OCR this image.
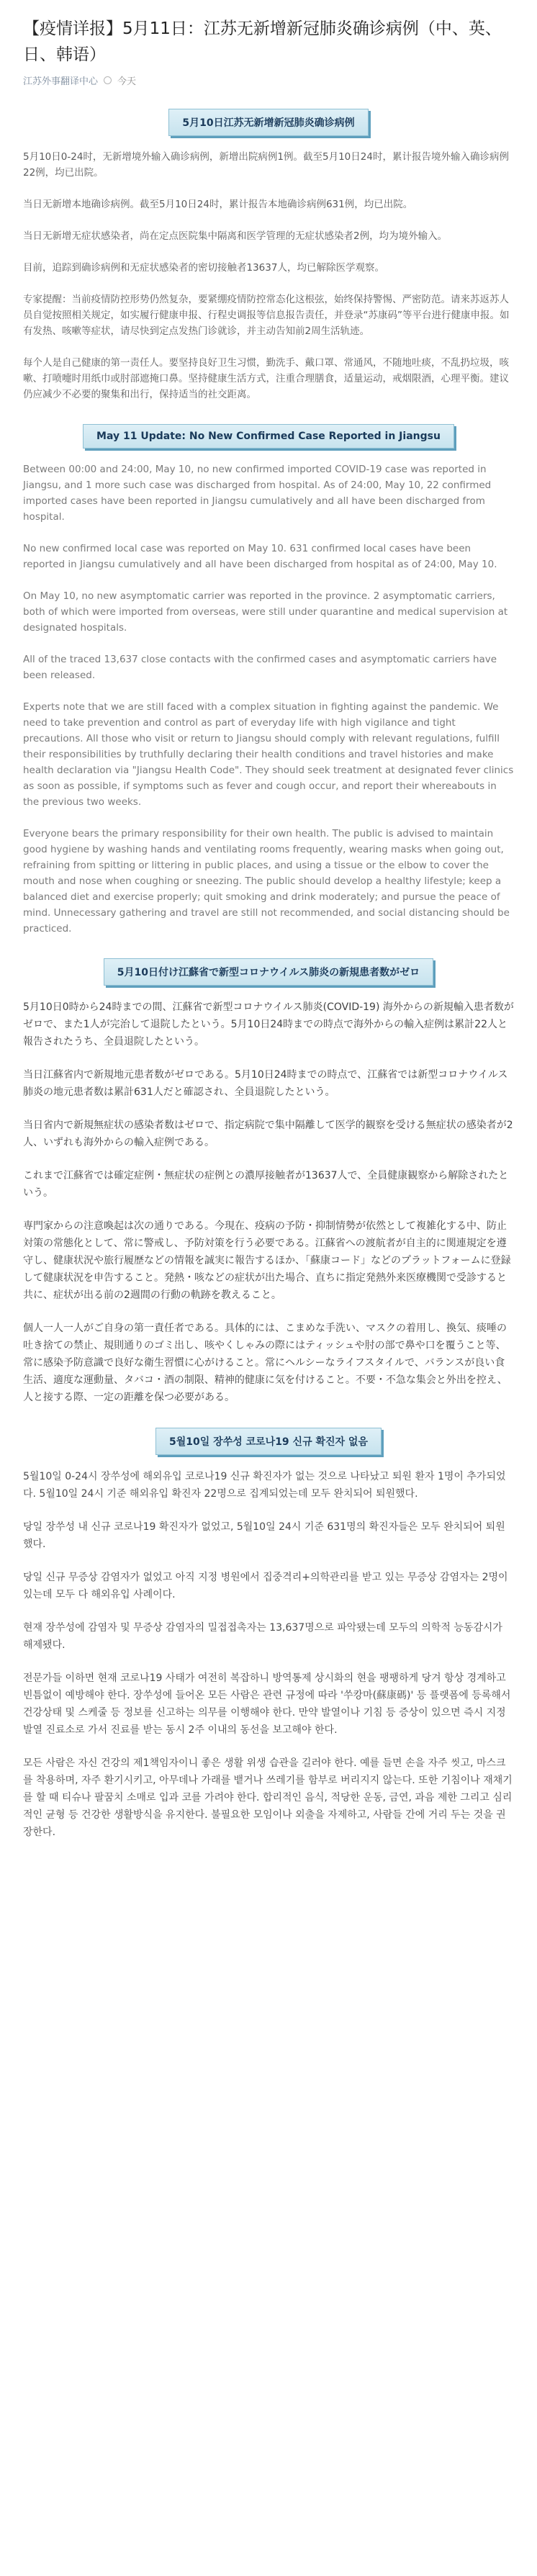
【疫情详报】5月11日：江苏无新增新冠肺炎确诊病例（中、英、日、韩语）
江苏外事翻译中心 今天
5月10日江苏无新增新冠肺炎确诊病例

5月10日0-24时，无新增境外输入确诊病例，新增出院病例1例。截至5月10日24时，累计报告境外输入确诊病例22例，均已出院。

当日无新增本地确诊病例。截至5月10日24时，累计报告本地确诊病例631例，均已出院。

当日无新增无症状感染者，尚在定点医院集中隔离和医学管理的无症状感染者2例，均为境外输入。

目前，追踪到确诊病例和无症状感染者的密切接触者13637人，均已解除医学观察。

专家提醒：当前疫情防控形势仍然复杂，要紧绷疫情防控常态化这根弦，始终保持警惕、严密防范。请来苏返苏人员自觉按照相关规定，如实履行健康申报、行程史调报等信息报告责任，并登录“苏康码”等平台进行健康申报。如有发热、咳嗽等症状，请尽快到定点发热门诊就诊，并主动告知前2周生活轨迹。

每个人是自己健康的第一责任人。要坚持良好卫生习惯，勤洗手、戴口罩、常通风，不随地吐痰，不乱扔垃圾，咳嗽、打喷嚏时用纸巾或肘部遮掩口鼻。坚持健康生活方式，注重合理膳食，适量运动，戒烟限酒，心理平衡。建议仍应减少不必要的聚集和出行，保持适当的社交距离。

May 11 Update: No New Confirmed Case Reported in Jiangsu

Between 00:00 and 24:00, May 10, no new confirmed imported COVID-19 case was reported in Jiangsu, and 1 more such case was discharged from hospital. As of 24:00, May 10, 22 confirmed imported cases have been reported in Jiangsu cumulatively and all have been discharged from hospital.

No new confirmed local case was reported on May 10. 631 confirmed local cases have been reported in Jiangsu cumulatively and all have been discharged from hospital as of 24:00, May 10.

On May 10, no new asymptomatic carrier was reported in the province. 2 asymptomatic carriers, both of which were imported from overseas, were still under quarantine and medical supervision at designated hospitals.

All of the traced 13,637 close contacts with the confirmed cases and asymptomatic carriers have been released.

Experts note that we are still faced with a complex situation in fighting against the pandemic. We need to take prevention and control as part of everyday life with high vigilance and tight precautions. All those who visit or return to Jiangsu should comply with relevant regulations, fulfill their responsibilities by truthfully declaring their health conditions and travel histories and make health declaration via "Jiangsu Health Code". They should seek treatment at designated fever clinics as soon as possible, if symptoms such as fever and cough occur, and report their whereabouts in the previous two weeks.

Everyone bears the primary responsibility for their own health. The public is advised to maintain good hygiene by washing hands and ventilating rooms frequently, wearing masks when going out, refraining from spitting or littering in public places, and using a tissue or the elbow to cover the mouth and nose when coughing or sneezing. The public should develop a healthy lifestyle; keep a balanced diet and exercise properly; quit smoking and drink moderately; and pursue the peace of mind. Unnecessary gathering and travel are still not recommended, and social distancing should be practiced.

5月10日付け江蘇省で新型コロナウイルス肺炎の新規患者数がゼロ

5月10日0時から24時までの間、江蘇省で新型コロナウイルス肺炎(COVID-19) 海外からの新規輸入患者数がゼロで、また1人が完治して退院したという。5月10日24時までの時点で海外からの輸入症例は累計22人と報告されたうち、全員退院したという。

当日江蘇省内で新規地元患者数がゼロである。5月10日24時までの時点で、江蘇省では新型コロナウイルス肺炎の地元患者数は累計631人だと確認され、全員退院したという。

当日省内で新規無症状の感染者数はゼロで、指定病院で集中隔離して医学的観察を受ける無症状の感染者が2人、いずれも海外からの輸入症例である。

これまで江蘇省では確定症例・無症状の症例との濃厚接触者が13637人で、全員健康観察から解除されたという。

専門家からの注意喚起は次の通りである。今現在、疫病の予防・抑制情勢が依然として複雑化する中、防止対策の常態化として、常に警戒し、予防対策を行う必要である。江蘇省への渡航者が自主的に関連規定を遵守し、健康状況や旅行履歴などの情報を誠実に報告するほか、「蘇康コード」などのプラットフォームに登録して健康状況を申告すること。発熱・咳などの症状が出た場合、直ちに指定発熱外来医療機関で受診すると共に、症状が出る前の2週間の行動の軌跡を教えること。

個人一人一人がご自身の第一責任者である。具体的には、こまめな手洗い、マスクの着用し、換気、痰唾の吐き捨ての禁止、規則通りのゴミ出し、咳やくしゃみの際にはティッシュや肘の部で鼻や口を覆うこと等、常に感染予防意識で良好な衛生習慣に心がけること。常にヘルシーなライフスタイルで、バランスが良い食生活、適度な運動量、タバコ・酒の制限、精神的健康に気を付けること。不要・不急な集会と外出を控え、人と接する際、一定の距離を保つ必要がある。

5월10일 장쑤성 코로나19 신규 확진자 없음

5월10일 0-24시 장쑤성에 해외유입 코로나19 신규 확진자가 없는 것으로 나타났고 퇴원 환자 1명이 추가되었다. 5월10일 24시 기준 해외유입 확진자 22명으로 집계되었는데 모두 완치되어 퇴원했다.

당일 장쑤성 내 신규 코로나19 확진자가 없었고, 5월10일 24시 기준 631명의 확진자들은 모두 완치되어 퇴원했다.

당일 신규 무증상 감염자가 없었고 아직 지정 병원에서 집중격리+의학관리를 받고 있는 무증상 감염자는 2명이 있는데 모두 다 해외유입 사례이다.

현재 장쑤성에 감염자 및 무증상 감염자의 밀접접촉자는 13,637명으로 파악됐는데 모두의 의학적 능동감시가 해제됐다.

전문가들 이하면 현재 코로나19 사태가 여전히 복잡하니 방역통제 상시화의 현을 팽팽하게 당겨 항상 경계하고 빈틈없이 예방해야 한다. 장쑤성에 들어온 모든 사람은 관련 규정에 따라 '쑤캉마(蘇康碼)' 등 플랫폼에 등록해서 건강상태 및 스케줄 등 정보를 신고하는 의무를 이행해야 한다. 만약 발열이나 기침 등 증상이 있으면 즉시 지정 발열 진료소로 가서 진료를 받는 동시 2주 이내의 동선을 보고해야 한다.

모든 사람은 자신 건강의 제1책임자이니 좋은 생활 위생 습관을 길러야 한다. 예를 들면 손을 자주 씻고, 마스크를 착용하며, 자주 환기시키고, 아무데나 가래를 뱉거나 쓰레기를 함부로 버리지지 않는다. 또한 기침이나 재채기를 할 때 티슈나 팔꿈치 소매로 입과 코를 가려야 한다. 합리적인 음식, 적당한 운동, 금연, 과음 제한 그리고 심리적인 균형 등 건강한 생활방식을 유지한다. 불필요한 모임이나 외출을 자제하고, 사람들 간에 거리 두는 것을 권장한다.
